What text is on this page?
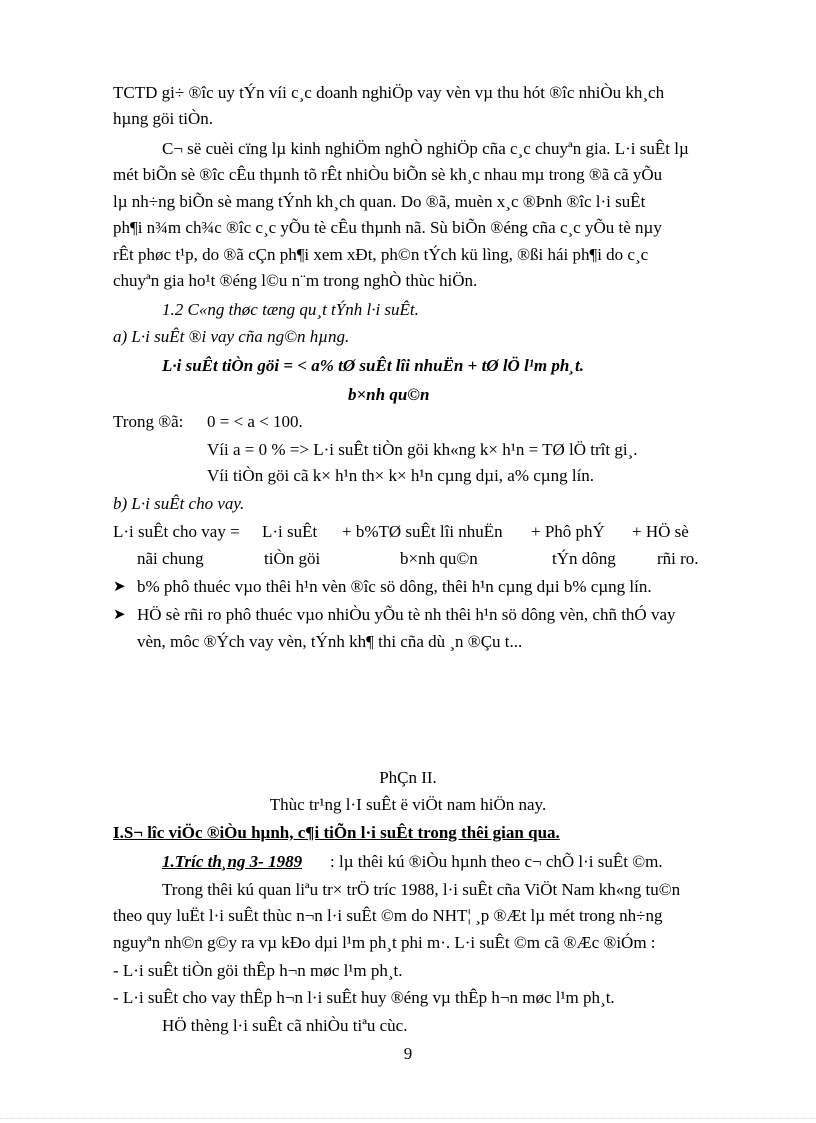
TCTD gi÷ ®îc uy tÝn víi c¸c doanh nghiÖp vay vèn vµ thu hót ®îc nhiÒu kh¸ch
hµng göi tiÒn.
C¬ së cuèi cïng lµ kinh nghiÖm nghÒ nghiÖp cña c¸c chuyªn gia. L·i suÊt lµ
mét biÕn sè ®îc cÊu thµnh tõ rÊt nhiÒu biÕn sè kh¸c nhau mµ trong ®ã cã yÕu
lµ nh÷ng biÕn sè mang tÝnh kh¸ch quan. Do ®ã, muèn x¸c ®Þnh ®îc l·i suÊt
ph¶i n¾m ch¾c ®îc c¸c yÕu tè cÊu thµnh nã. Sù biÕn ®éng cña c¸c yÕu tè nµy
rÊt phøc t¹p, do ®ã cÇn ph¶i xem xÐt, ph©n tÝch kü lìng, ®ßi hái ph¶i do c¸c
chuyªn gia ho¹t ®éng l©u n¨m trong nghÒ thùc hiÖn.
1.2 C«ng thøc tæng qu¸t tÝnh l·i suÊt.
a) L·i suÊt ®i vay cña ng©n hµng.
L·i suÊt tiÒn göi = < a% tØ suÊt lîi nhuËn + tØ lÖ l¹m ph¸t.
b×nh qu©n
Trong ®ã: 0 = < a < 100.
Víi a = 0 % => L·i suÊt tiÒn göi kh«ng k× h¹n = TØ lÖ trît gi¸.
Víi tiÒn göi cã k× h¹n th× k× h¹n cµng dµi, a% cµng lín.
b) L·i suÊt cho vay.
L·i suÊt cho vay = L·i suÊt + b%TØ suÊt lîi nhuËn + Phô phÝ + HÖ sè
nãi chung	tiÒn göi	b×nh qu©n	tÝn dông rñi ro.
➤ b% phô thuéc vµo thêi h¹n vèn ®îc sö dông, thêi h¹n cµng dµi b% cµng lín.
➤ HÖ sè rñi ro phô thuéc vµo nhiÒu yÕu tè nh thêi h¹n sö dông vèn, chñ thÓ vay
vèn, môc ®Ých vay vèn, tÝnh kh¶ thi cña dù ¸n ®Çu t...
PhÇn II.
Thùc tr¹ng l·I suÊt ë viÖt nam hiÖn nay.
I.S¬ lîc viÖc ®iÒu hµnh, c¶i tiÕn l·i suÊt trong thêi gian qua.
1.Tríc th¸ng 3- 1989 : lµ thêi kú ®iÒu hµnh theo c¬ chÕ l·i suÊt ©m.
Trong thêi kú quan liªu tr× trÖ tríc 1988, l·i suÊt cña ViÖt Nam kh«ng tu©n
theo quy luËt l·i suÊt thùc n¬n l·i suÊt ©m do NHT¦ ¸p ®Æt lµ mét trong nh÷ng
nguyªn nh©n g©y ra vµ kÐo dµi l¹m ph¸t phi m·. L·i suÊt ©m cã ®Æc ®iÓm :
- L·i suÊt tiÒn göi thÊp h¬n møc l¹m ph¸t.
- L·i suÊt cho vay thÊp h¬n l·i suÊt huy ®éng vµ thÊp h¬n møc l¹m ph¸t.
HÖ thèng l·i suÊt cã nhiÒu tiªu cùc.
9
